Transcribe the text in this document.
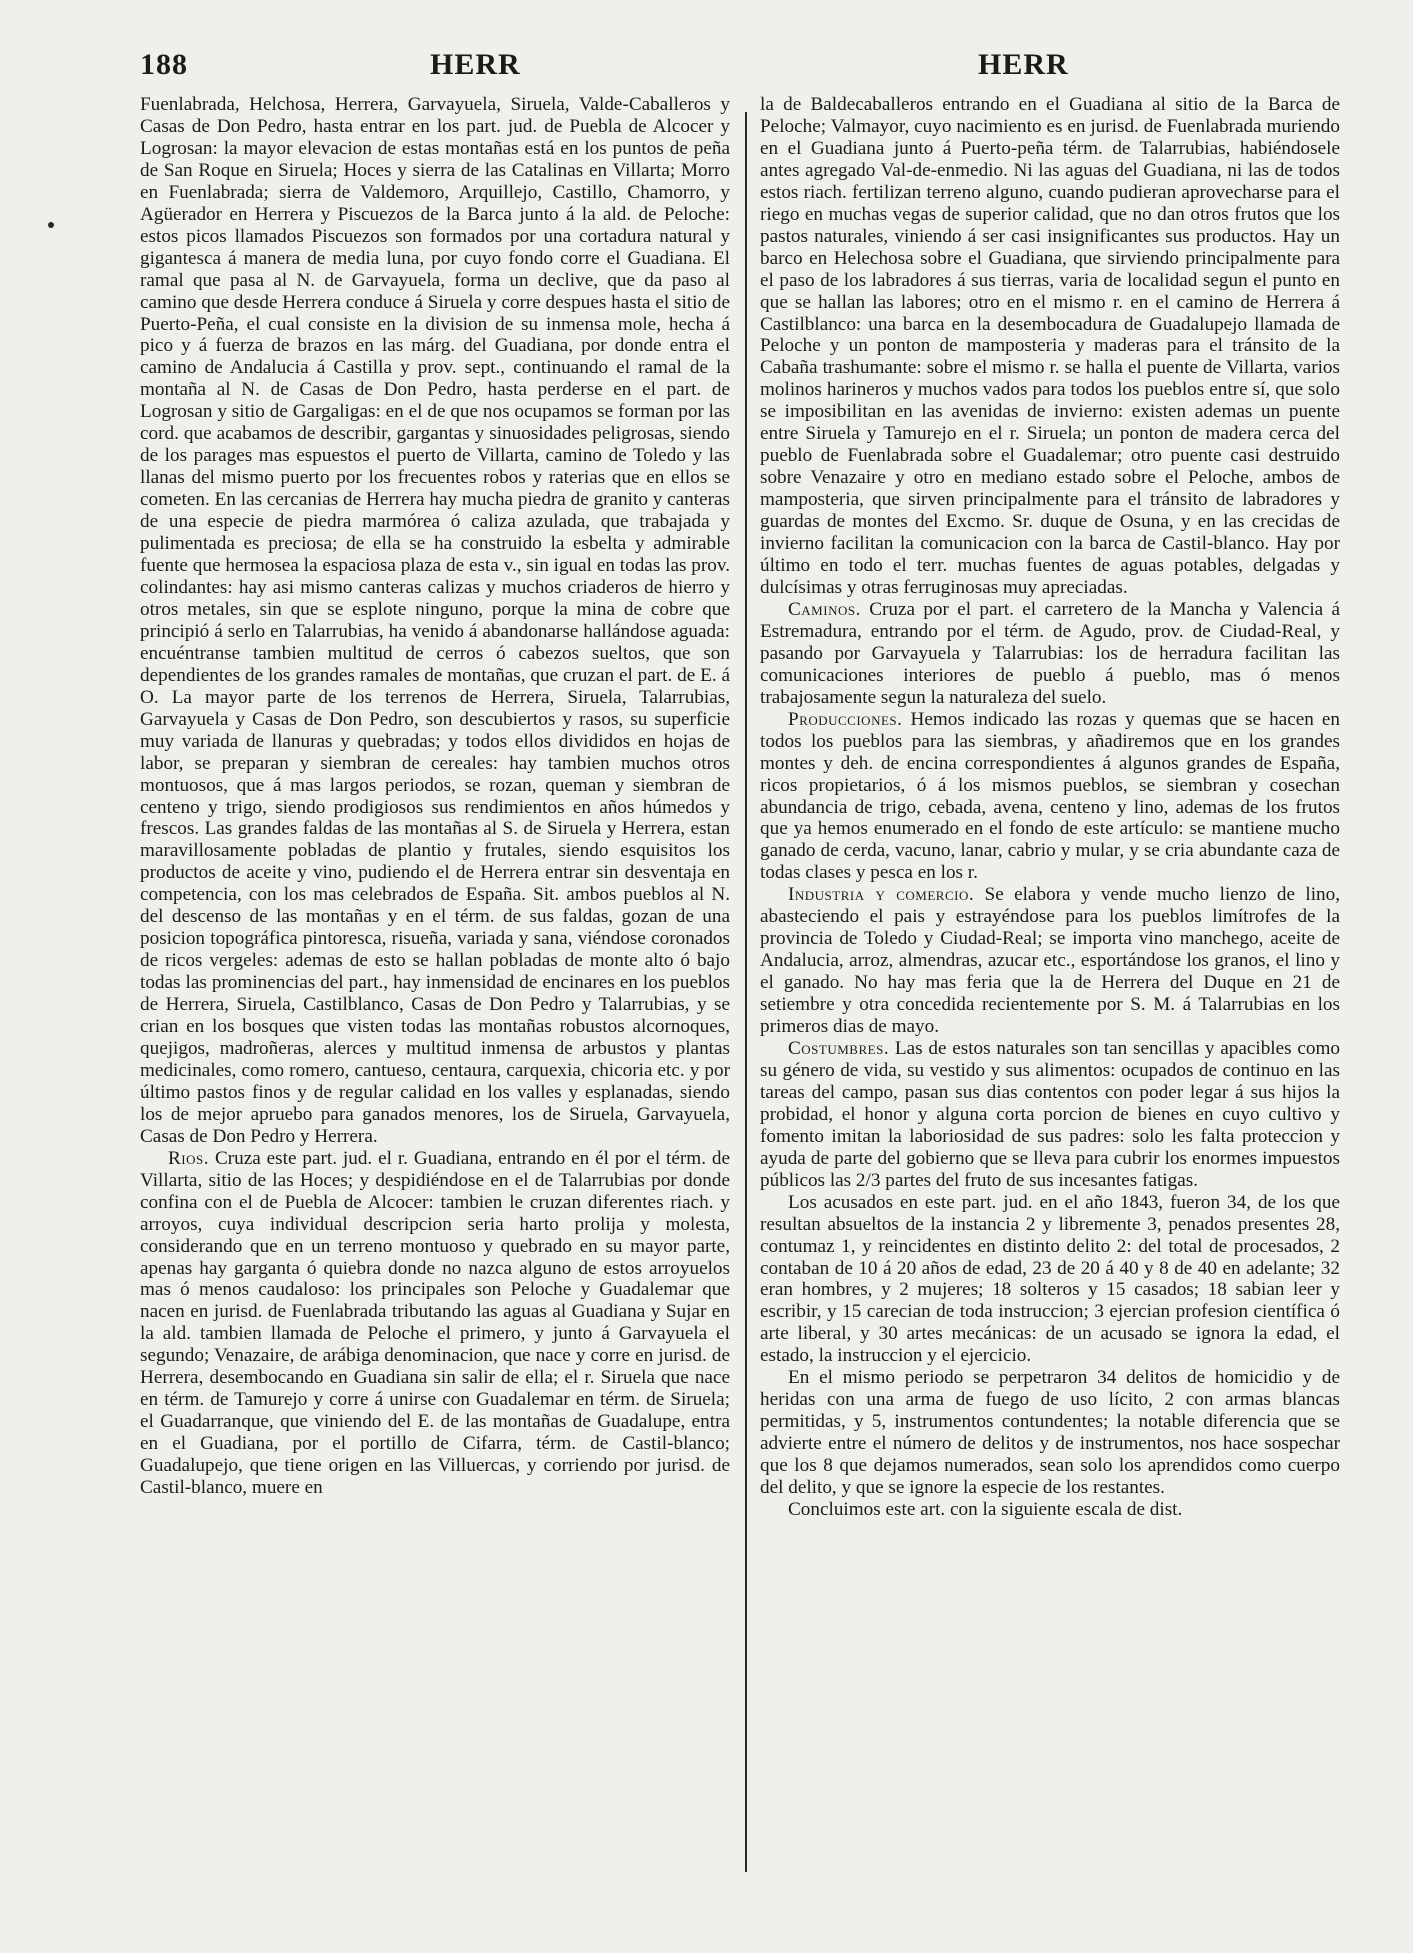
188	HERR	HERR

Fuenlabrada, Helchosa, Herrera, Garvayuela, Siruela, Valde-Caballeros y Casas de Don Pedro, hasta entrar en los part. jud. de Puebla de Alcocer y Logrosan: la mayor elevacion de estas montañas está en los puntos de peña de San Roque en Siruela; Hoces y sierra de las Catalinas en Villarta; Morro en Fuenlabrada; sierra de Valdemoro, Arquillejo, Castillo, Chamorro, y Agüerador en Herrera y Piscuezos de la Barca junto á la ald. de Peloche: estos picos llamados Piscuezos son formados por una cortadura natural y gigantesca á manera de media luna, por cuyo fondo corre el Guadiana. El ramal que pasa al N. de Garvayuela, forma un declive, que da paso al camino que desde Herrera conduce á Siruela y corre despues hasta el sitio de Puerto-Peña, el cual consiste en la division de su inmensa mole, hecha á pico y á fuerza de brazos en las márg. del Guadiana, por donde entra el camino de Andalucia á Castilla y prov. sept., continuando el ramal de la montaña al N. de Casas de Don Pedro, hasta perderse en el part. de Logrosan y sitio de Gargaligas: en el de que nos ocupamos se forman por las cord. que acabamos de describir, gargantas y sinuosidades peligrosas, siendo de los parages mas espuestos el puerto de Villarta, camino de Toledo y las llanas del mismo puerto por los frecuentes robos y raterias que en ellos se cometen. En las cercanias de Herrera hay mucha piedra de granito y canteras de una especie de piedra marmórea ó caliza azulada, que trabajada y pulimentada es preciosa; de ella se ha construido la esbelta y admirable fuente que hermosea la espaciosa plaza de esta v., sin igual en todas las prov. colindantes: hay asi mismo canteras calizas y muchos criaderos de hierro y otros metales, sin que se esplote ninguno, porque la mina de cobre que principió á serlo en Talarrubias, ha venido á abandonarse hallándose aguada: encuéntranse tambien multitud de cerros ó cabezos sueltos, que son dependientes de los grandes ramales de montañas, que cruzan el part. de E. á O. La mayor parte de los terrenos de Herrera, Siruela, Talarrubias, Garvayuela y Casas de Don Pedro, son descubiertos y rasos, su superficie muy variada de llanuras y quebradas; y todos ellos divididos en hojas de labor, se preparan y siembran de cereales: hay tambien muchos otros montuosos, que á mas largos periodos, se rozan, queman y siembran de centeno y trigo, siendo prodigiosos sus rendimientos en años húmedos y frescos. Las grandes faldas de las montañas al S. de Siruela y Herrera, estan maravillosamente pobladas de plantio y frutales, siendo esquisitos los productos de aceite y vino, pudiendo el de Herrera entrar sin desventaja en competencia, con los mas celebrados de España. Sit. ambos pueblos al N. del descenso de las montañas y en el térm. de sus faldas, gozan de una posicion topográfica pintoresca, risueña, variada y sana, viéndose coronados de ricos vergeles: ademas de esto se hallan pobladas de monte alto ó bajo todas las prominencias del part., hay inmensidad de encinares en los pueblos de Herrera, Siruela, Castilblanco, Casas de Don Pedro y Talarrubias, y se crian en los bosques que visten todas las montañas robustos alcornoques, quejigos, madroñeras, alerces y multitud inmensa de arbustos y plantas medicinales, como romero, cantueso, centaura, carquexia, chicoria etc. y por último pastos finos y de regular calidad en los valles y esplanadas, siendo los de mejor apruebo para ganados menores, los de Siruela, Garvayuela, Casas de Don Pedro y Herrera.

Rios. Cruza este part. jud. el r. Guadiana, entrando en él por el térm. de Villarta, sitio de las Hoces; y despidiéndose en el de Talarrubias por donde confina con el de Puebla de Alcocer: tambien le cruzan diferentes riach. y arroyos, cuya individual descripcion seria harto prolija y molesta, considerando que en un terreno montuoso y quebrado en su mayor parte, apenas hay garganta ó quiebra donde no nazca alguno de estos arroyuelos mas ó menos caudaloso: los principales son Peloche y Guadalemar que nacen en jurisd. de Fuenlabrada tributando las aguas al Guadiana y Sujar en la ald. tambien llamada de Peloche el primero, y junto á Garvayuela el segundo; Venazaire, de arábiga denominacion, que nace y corre en jurisd. de Herrera, desembocando en Guadiana sin salir de ella; el r. Siruela que nace en térm. de Tamurejo y corre á unirse con Guadalemar en térm. de Siruela; el Guadarranque, que viniendo del E. de las montañas de Guadalupe, entra en el Guadiana, por el portillo de Cifarra, térm. de Castil-blanco; Guadalupejo, que tiene origen en las Villuercas, y corriendo por jurisd. de Castil-blanco, muere en

la de Baldecaballeros entrando en el Guadiana al sitio de la Barca de Peloche; Valmayor, cuyo nacimiento es en jurisd. de Fuenlabrada muriendo en el Guadiana junto á Puerto-peña térm. de Talarrubias, habiéndosele antes agregado Val-de-enmedio. Ni las aguas del Guadiana, ni las de todos estos riach. fertilizan terreno alguno, cuando pudieran aprovecharse para el riego en muchas vegas de superior calidad, que no dan otros frutos que los pastos naturales, viniendo á ser casi insignificantes sus productos. Hay un barco en Helechosa sobre el Guadiana, que sirviendo principalmente para el paso de los labradores á sus tierras, varia de localidad segun el punto en que se hallan las labores; otro en el mismo r. en el camino de Herrera á Castilblanco: una barca en la desembocadura de Guadalupejo llamada de Peloche y un ponton de mamposteria y maderas para el tránsito de la Cabaña trashumante: sobre el mismo r. se halla el puente de Villarta, varios molinos harineros y muchos vados para todos los pueblos entre sí, que solo se imposibilitan en las avenidas de invierno: existen ademas un puente entre Siruela y Tamurejo en el r. Siruela; un ponton de madera cerca del pueblo de Fuenlabrada sobre el Guadalemar; otro puente casi destruido sobre Venazaire y otro en mediano estado sobre el Peloche, ambos de mamposteria, que sirven principalmente para el tránsito de labradores y guardas de montes del Excmo. Sr. duque de Osuna, y en las crecidas de invierno facilitan la comunicacion con la barca de Castil-blanco. Hay por último en todo el terr. muchas fuentes de aguas potables, delgadas y dulcísimas y otras ferruginosas muy apreciadas.

Caminos. Cruza por el part. el carretero de la Mancha y Valencia á Estremadura, entrando por el térm. de Agudo, prov. de Ciudad-Real, y pasando por Garvayuela y Talarrubias: los de herradura facilitan las comunicaciones interiores de pueblo á pueblo, mas ó menos trabajosamente segun la naturaleza del suelo.

Producciones. Hemos indicado las rozas y quemas que se hacen en todos los pueblos para las siembras, y añadiremos que en los grandes montes y deh. de encina correspondientes á algunos grandes de España, ricos propietarios, ó á los mismos pueblos, se siembran y cosechan abundancia de trigo, cebada, avena, centeno y lino, ademas de los frutos que ya hemos enumerado en el fondo de este artículo: se mantiene mucho ganado de cerda, vacuno, lanar, cabrio y mular, y se cria abundante caza de todas clases y pesca en los r.

Industria y comercio. Se elabora y vende mucho lienzo de lino, abasteciendo el pais y estrayéndose para los pueblos limítrofes de la provincia de Toledo y Ciudad-Real; se importa vino manchego, aceite de Andalucia, arroz, almendras, azucar etc., esportándose los granos, el lino y el ganado. No hay mas feria que la de Herrera del Duque en 21 de setiembre y otra concedida recientemente por S. M. á Talarrubias en los primeros dias de mayo.

Costumbres. Las de estos naturales son tan sencillas y apacibles como su género de vida, su vestido y sus alimentos: ocupados de continuo en las tareas del campo, pasan sus dias contentos con poder legar á sus hijos la probidad, el honor y alguna corta porcion de bienes en cuyo cultivo y fomento imitan la laboriosidad de sus padres: solo les falta proteccion y ayuda de parte del gobierno que se lleva para cubrir los enormes impuestos públicos las 2/3 partes del fruto de sus incesantes fatigas.

Los acusados en este part. jud. en el año 1843, fueron 34, de los que resultan absueltos de la instancia 2 y libremente 3, penados presentes 28, contumaz 1, y reincidentes en distinto delito 2: del total de procesados, 2 contaban de 10 á 20 años de edad, 23 de 20 á 40 y 8 de 40 en adelante; 32 eran hombres, y 2 mujeres; 18 solteros y 15 casados; 18 sabian leer y escribir, y 15 carecian de toda instruccion; 3 ejercian profesion científica ó arte liberal, y 30 artes mecánicas: de un acusado se ignora la edad, el estado, la instruccion y el ejercicio.

En el mismo periodo se perpetraron 34 delitos de homicidio y de heridas con una arma de fuego de uso lícito, 2 con armas blancas permitidas, y 5, instrumentos contundentes; la notable diferencia que se advierte entre el número de delitos y de instrumentos, nos hace sospechar que los 8 que dejamos numerados, sean solo los aprendidos como cuerpo del delito, y que se ignore la especie de los restantes.

Concluimos este art. con la siguiente escala de dist.
